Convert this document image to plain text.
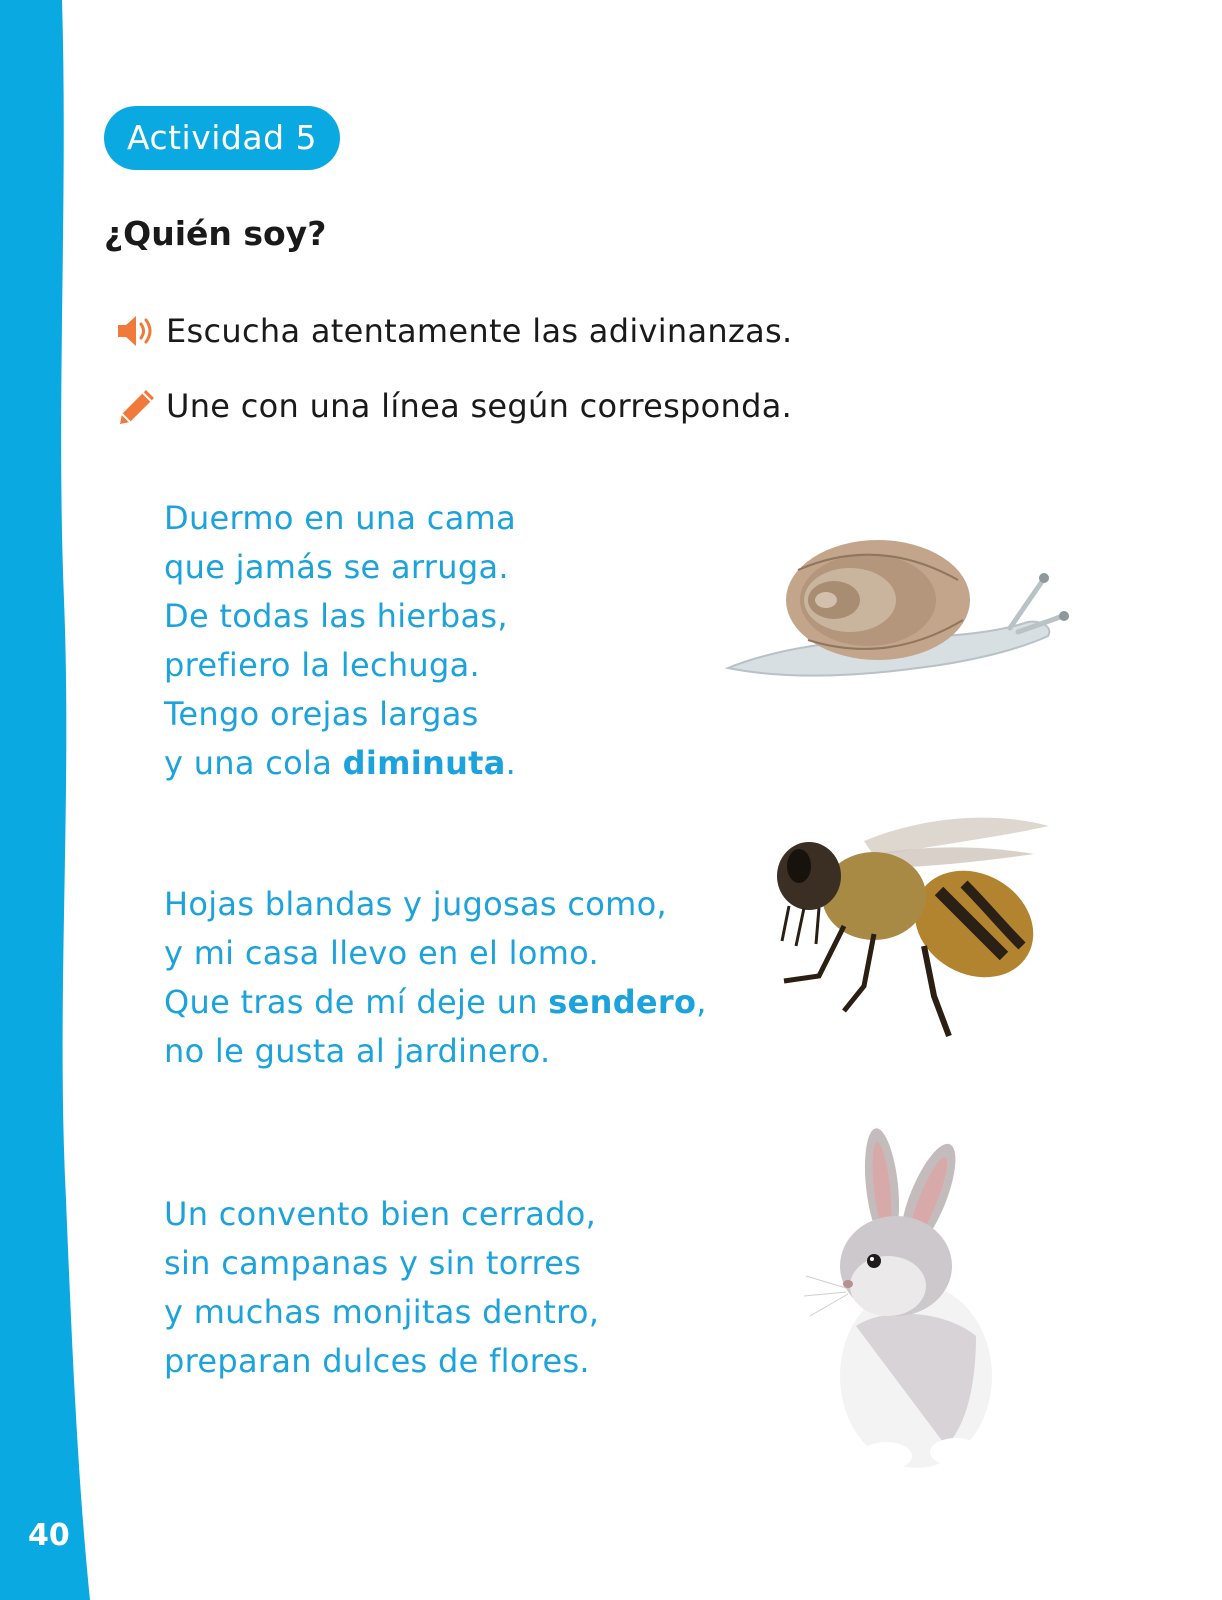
40
Actividad 5
¿Quién soy?
Escucha atentamente las adivinanzas.
Une con una línea según corresponda.
Duermo en una cama
que jamás se arruga.
De todas las hierbas,
prefiero la lechuga.
Tengo orejas largas
y una cola diminuta.
Hojas blandas y jugosas como,
y mi casa llevo en el lomo.
Que tras de mí deje un sendero,
no le gusta al jardinero.
Un convento bien cerrado,
sin campanas y sin torres
y muchas monjitas dentro,
preparan dulces de flores.
